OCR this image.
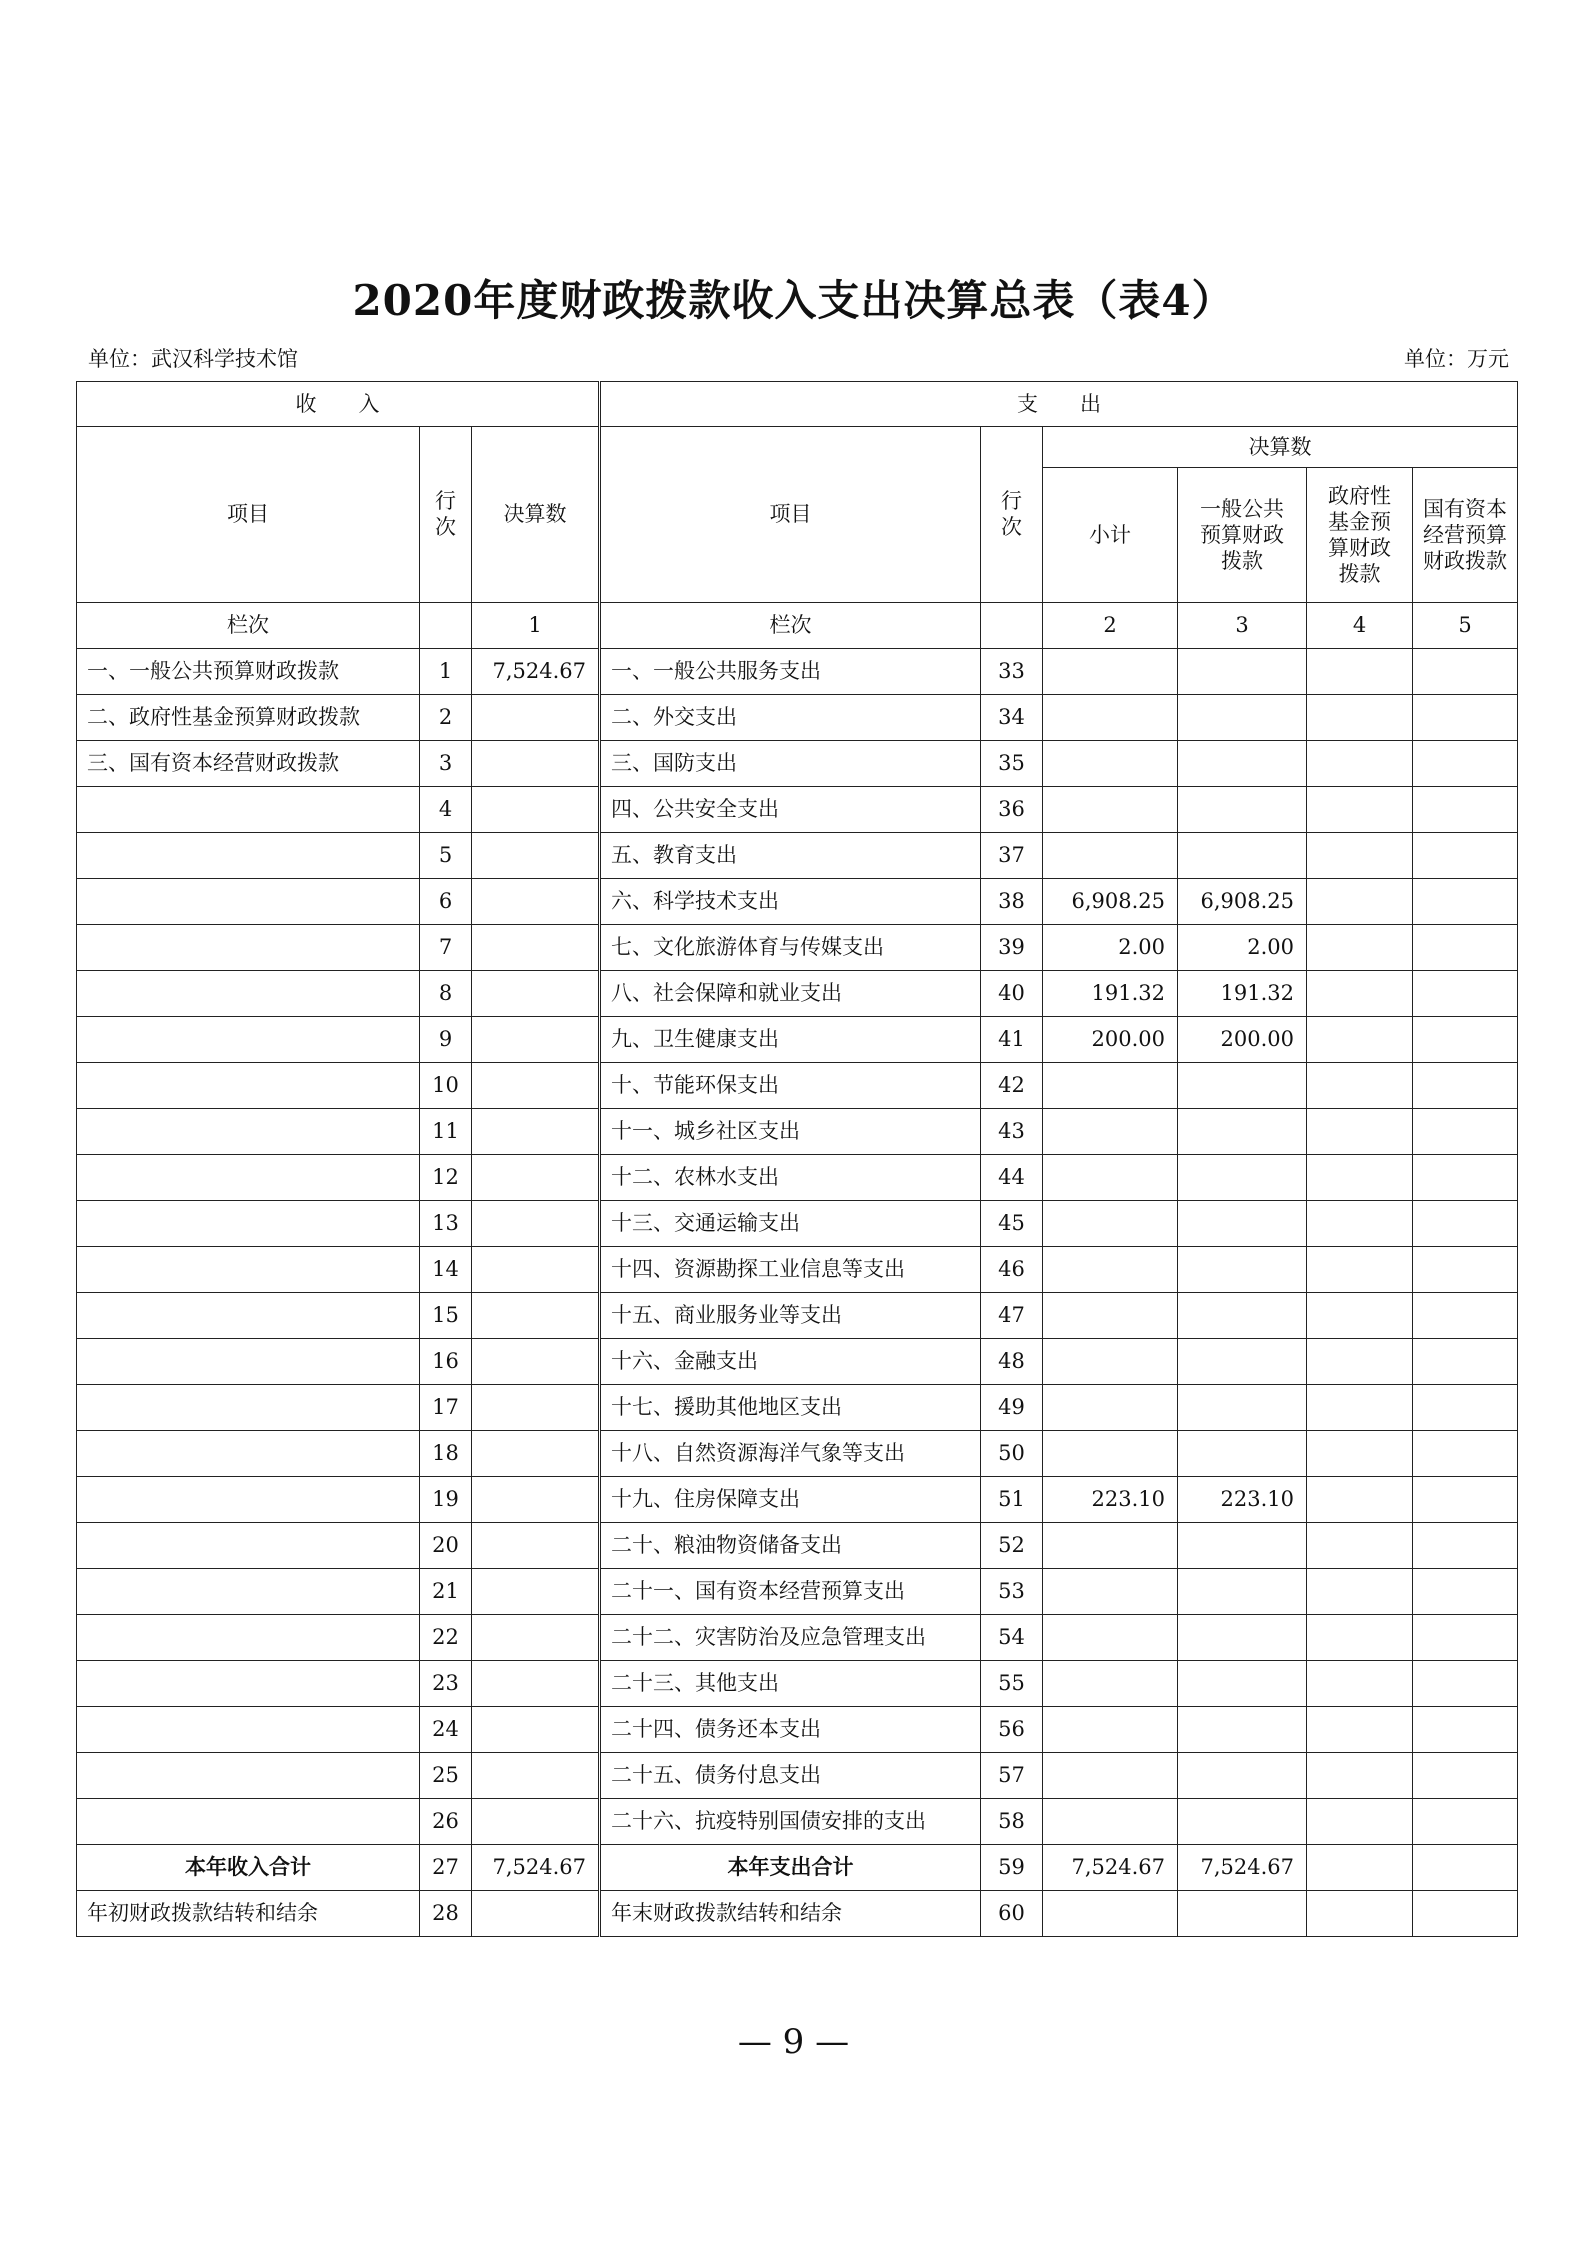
2020年度财政拨款收入支出决算总表（表4）
单位：武汉科学技术馆	单位：万元
收　　入			支　　出					
项目	行次	决算数	项目	行次	决算数			
					小计	一般公共预算财政拨款	政府性基金预算财政拨款	国有资本经营预算财政拨款
栏次		1	栏次		2	3	4	5
一、一般公共预算财政拨款	1	7,524.67	一、一般公共服务支出	33				
二、政府性基金预算财政拨款	2		二、外交支出	34				
三、国有资本经营财政拨款	3		三、国防支出	35				
	4		四、公共安全支出	36				
	5		五、教育支出	37				
	6		六、科学技术支出	38	6,908.25	6,908.25		
	7		七、文化旅游体育与传媒支出	39	2.00	2.00		
	8		八、社会保障和就业支出	40	191.32	191.32		
	9		九、卫生健康支出	41	200.00	200.00		
	10		十、节能环保支出	42				
	11		十一、城乡社区支出	43				
	12		十二、农林水支出	44				
	13		十三、交通运输支出	45				
	14		十四、资源勘探工业信息等支出	46				
	15		十五、商业服务业等支出	47				
	16		十六、金融支出	48				
	17		十七、援助其他地区支出	49				
	18		十八、自然资源海洋气象等支出	50				
	19		十九、住房保障支出	51	223.10	223.10		
	20		二十、粮油物资储备支出	52				
	21		二十一、国有资本经营预算支出	53				
	22		二十二、灾害防治及应急管理支出	54				
	23		二十三、其他支出	55				
	24		二十四、债务还本支出	56				
	25		二十五、债务付息支出	57				
	26		二十六、抗疫特别国债安排的支出	58				
本年收入合计	27	7,524.67	本年支出合计	59	7,524.67	7,524.67		
年初财政拨款结转和结余	28		年末财政拨款结转和结余	60				
— 9 —
